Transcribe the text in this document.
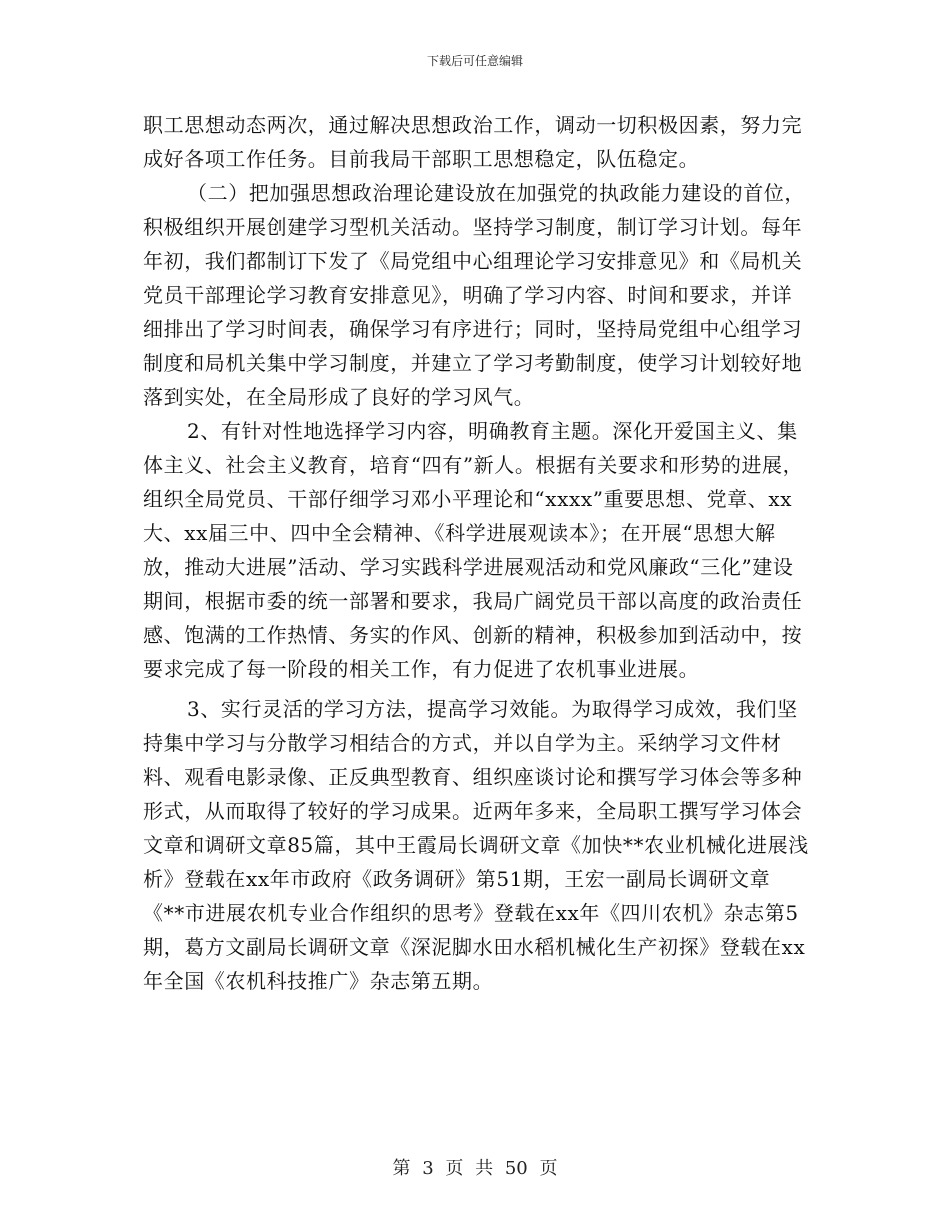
下载后可任意编辑

职工思想动态两次，通过解决思想政治工作，调动一切积极因素，努力完成好各项工作任务。目前我局干部职工思想稳定，队伍稳定。

（二）把加强思想政治理论建设放在加强党的执政能力建设的首位，积极组织开展创建学习型机关活动。坚持学习制度，制订学习计划。每年年初，我们都制订下发了《局党组中心组理论学习安排意见》和《局机关党员干部理论学习教育安排意见》，明确了学习内容、时间和要求，并详细排出了学习时间表，确保学习有序进行；同时，坚持局党组中心组学习制度和局机关集中学习制度，并建立了学习考勤制度，使学习计划较好地落到实处，在全局形成了良好的学习风气。

2、有针对性地选择学习内容，明确教育主题。深化开爱国主义、集体主义、社会主义教育，培育“四有”新人。根据有关要求和形势的进展，组织全局党员、干部仔细学习邓小平理论和“xxxx”重要思想、党章、xx大、xx届三中、四中全会精神、《科学进展观读本》；在开展“思想大解放，推动大进展”活动、学习实践科学进展观活动和党风廉政“三化”建设期间，根据市委的统一部署和要求，我局广阔党员干部以高度的政治责任感、饱满的工作热情、务实的作风、创新的精神，积极参加到活动中，按要求完成了每一阶段的相关工作，有力促进了农机事业进展。

3、实行灵活的学习方法，提高学习效能。为取得学习成效，我们坚持集中学习与分散学习相结合的方式，并以自学为主。采纳学习文件材料、观看电影录像、正反典型教育、组织座谈讨论和撰写学习体会等多种形式，从而取得了较好的学习成果。近两年多来，全局职工撰写学习体会文章和调研文章85篇，其中王霞局长调研文章《加快**农业机械化进展浅析》登载在xx年市政府《政务调研》第51期，王宏一副局长调研文章《**市进展农机专业合作组织的思考》登载在xx年《四川农机》杂志第5期，葛方文副局长调研文章《深泥脚水田水稻机械化生产初探》登载在xx年全国《农机科技推广》杂志第五期。

第 3 页 共 50 页
